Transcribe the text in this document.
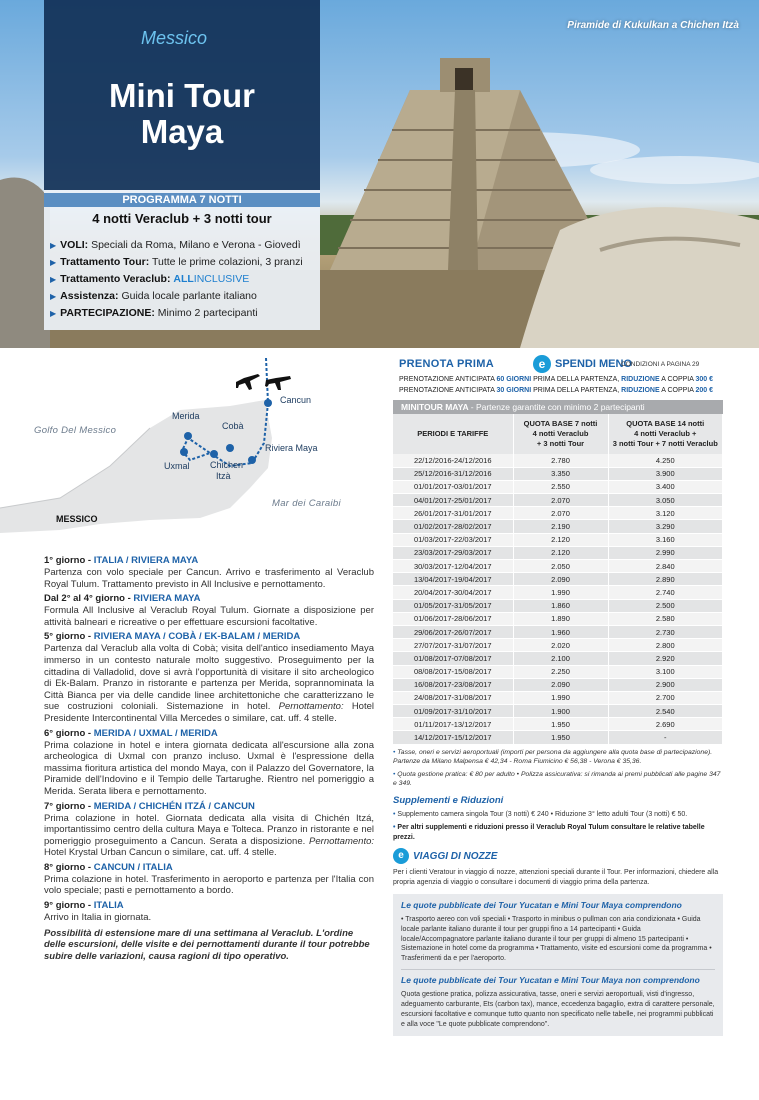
Piramide di Kukulkan a Chichen Itzà
Messico
Mini Tour
Maya
PROGRAMMA 7 NOTTI
4 notti Veraclub + 3 notti tour
▶ VOLI: Speciali da Roma, Milano e Verona - Giovedì
▶ Trattamento Tour: Tutte le prime colazioni, 3 pranzi
▶ Trattamento Veraclub: ALLINCLUSIVE
▶ Assistenza: Guida locale parlante italiano
▶ PARTECIPAZIONE: Minimo 2 partecipanti
Cancun
Merida
Cobà
Riviera Maya
Uxmal Chichen
Itzà
Golfo Del Messico
Mar dei Caraibi
MESSICO
1° giorno - ITALIA / RIVIERA MAYA
Partenza con volo speciale per Cancun. Arrivo e trasferimento al Veraclub Royal Tulum. Trattamento previsto in All Inclusive e pernottamento.
Dal 2° al 4° giorno - RIVIERA MAYA
Formula All Inclusive al Veraclub Royal Tulum. Giornate a disposizione per attività balneari e ricreative o per effettuare escursioni facoltative.
5° giorno - RIVIERA MAYA / COBÀ / EK-BALAM / MERIDA
Partenza dal Veraclub alla volta di Cobà; visita dell'antico insediamento Maya immerso in un contesto naturale molto suggestivo. Proseguimento per la cittadina di Valladolid, dove si avrà l'opportunità di visitare il sito archeologico di Ek-Balam. Pranzo in ristorante e partenza per Merida, soprannominata la Città Bianca per via delle candide linee architettoniche che caratterizzano le sue costruzioni coloniali. Sistemazione in hotel. Pernottamento: Hotel Presidente Intercontinental Villa Mercedes o similare, cat. uff. 4 stelle.
6° giorno - MERIDA / UXMAL / MERIDA
Prima colazione in hotel e intera giornata dedicata all'escursione alla zona archeologica di Uxmal con pranzo incluso. Uxmal è l'espressione della massima fioritura artistica del mondo Maya, con il Palazzo del Governatore, la Piramide dell'Indovino e il Tempio delle Tartarughe. Rientro nel pomeriggio a Merida. Serata libera e pernottamento.
7° giorno - MERIDA / CHICHÉN ITZÁ / CANCUN
Prima colazione in hotel. Giornata dedicata alla visita di Chichén Itzá, importantissimo centro della cultura Maya e Tolteca. Pranzo in ristorante e nel pomeriggio proseguimento a Cancun. Serata a disposizione. Pernottamento: Hotel Krystal Urban Cancun o similare, cat. uff. 4 stelle.
8° giorno - CANCUN / ITALIA
Prima colazione in hotel. Trasferimento in aeroporto e partenza per l'Italia con volo speciale; pasti e pernottamento a bordo.
9° giorno - ITALIA
Arrivo in Italia in giornata.
Possibilità di estensione mare di una settimana al Veraclub. L'ordine delle escursioni, delle visite e dei pernottamenti durante il tour potrebbe subire delle variazioni, causa ragioni di tipo operativo.
PRENOTA PRIMA	e SPENDI MENO
CONDIZIONI A PAGINA 29
PRENOTAZIONE ANTICIPATA 60 GIORNI PRIMA DELLA PARTENZA, RIDUZIONE A COPPIA 300 €
PRENOTAZIONE ANTICIPATA 30 GIORNI PRIMA DELLA PARTENZA, RIDUZIONE A COPPIA 200 €
MINITOUR MAYA - Partenze garantite con minimo 2 partecipanti
PERIODI E TARIFFE	QUOTA BASE 7 notti
4 notti Veraclub
+ 3 notti Tour	QUOTA BASE 14 notti
4 notti Veraclub +
3 notti Tour + 7 notti Veraclub
22/12/2016-24/12/2016	2.780	4.250
25/12/2016-31/12/2016	3.350	3.900
01/01/2017-03/01/2017	2.550	3.400
04/01/2017-25/01/2017	2.070	3.050
26/01/2017-31/01/2017	2.070	3.120
01/02/2017-28/02/2017	2.190	3.290
01/03/2017-22/03/2017	2.120	3.160
23/03/2017-29/03/2017	2.120	2.990
30/03/2017-12/04/2017	2.050	2.840
13/04/2017-19/04/2017	2.090	2.890
20/04/2017-30/04/2017	1.990	2.740
01/05/2017-31/05/2017	1.860	2.500
01/06/2017-28/06/2017	1.890	2.580
29/06/2017-26/07/2017	1.960	2.730
27/07/2017-31/07/2017	2.020	2.800
01/08/2017-07/08/2017	2.100	2.920
08/08/2017-15/08/2017	2.250	3.100
16/08/2017-23/08/2017	2.090	2.900
24/08/2017-31/08/2017	1.990	2.700
01/09/2017-31/10/2017	1.900	2.540
01/11/2017-13/12/2017	1.950	2.690
14/12/2017-15/12/2017	1.950	-
• Tasse, oneri e servizi aeroportuali (importi per persona da aggiungere alla quota base di partecipazione). Partenze da Milano Malpensa € 42,34 - Roma Fiumicino € 56,38 - Verona € 35,36.
• Quota gestione pratica: € 80 per adulto • Polizza assicurativa: si rimanda ai premi pubblicati alle pagine 347 e 349.
Supplementi e Riduzioni
• Supplemento camera singola Tour (3 notti) € 240 • Riduzione 3° letto adulti Tour (3 notti) € 50.
• Per altri supplementi e riduzioni presso il Veraclub Royal Tulum consultare le relative tabelle prezzi.
e VIAGGI DI NOZZE
Per i clienti Veratour in viaggio di nozze, attenzioni speciali durante il Tour. Per informazioni, chiedere alla propria agenzia di viaggio o consultare i documenti di viaggio prima della partenza.
Le quote pubblicate dei Tour Yucatan e Mini Tour Maya comprendono
• Trasporto aereo con voli speciali • Trasporto in minibus o pullman con aria condizionata • Guida locale parlante italiano durante il tour per gruppi fino a 14 partecipanti • Guida locale/Accompagnatore parlante italiano durante il tour per gruppi di almeno 15 partecipanti • Sistemazione in hotel come da programma • Trattamento, visite ed escursioni come da programma • Trasferimenti da e per l'aeroporto.
Le quote pubblicate dei Tour Yucatan e Mini Tour Maya non comprendono
Quota gestione pratica, polizza assicurativa, tasse, oneri e servizi aeroportuali, visti d'ingresso, adeguamento carburante, Ets (carbon tax), mance, eccedenza bagaglio, extra di carattere personale, escursioni facoltative e comunque tutto quanto non specificato nelle tabelle, nei programmi pubblicati e alla voce "Le quote pubblicate comprendono".
